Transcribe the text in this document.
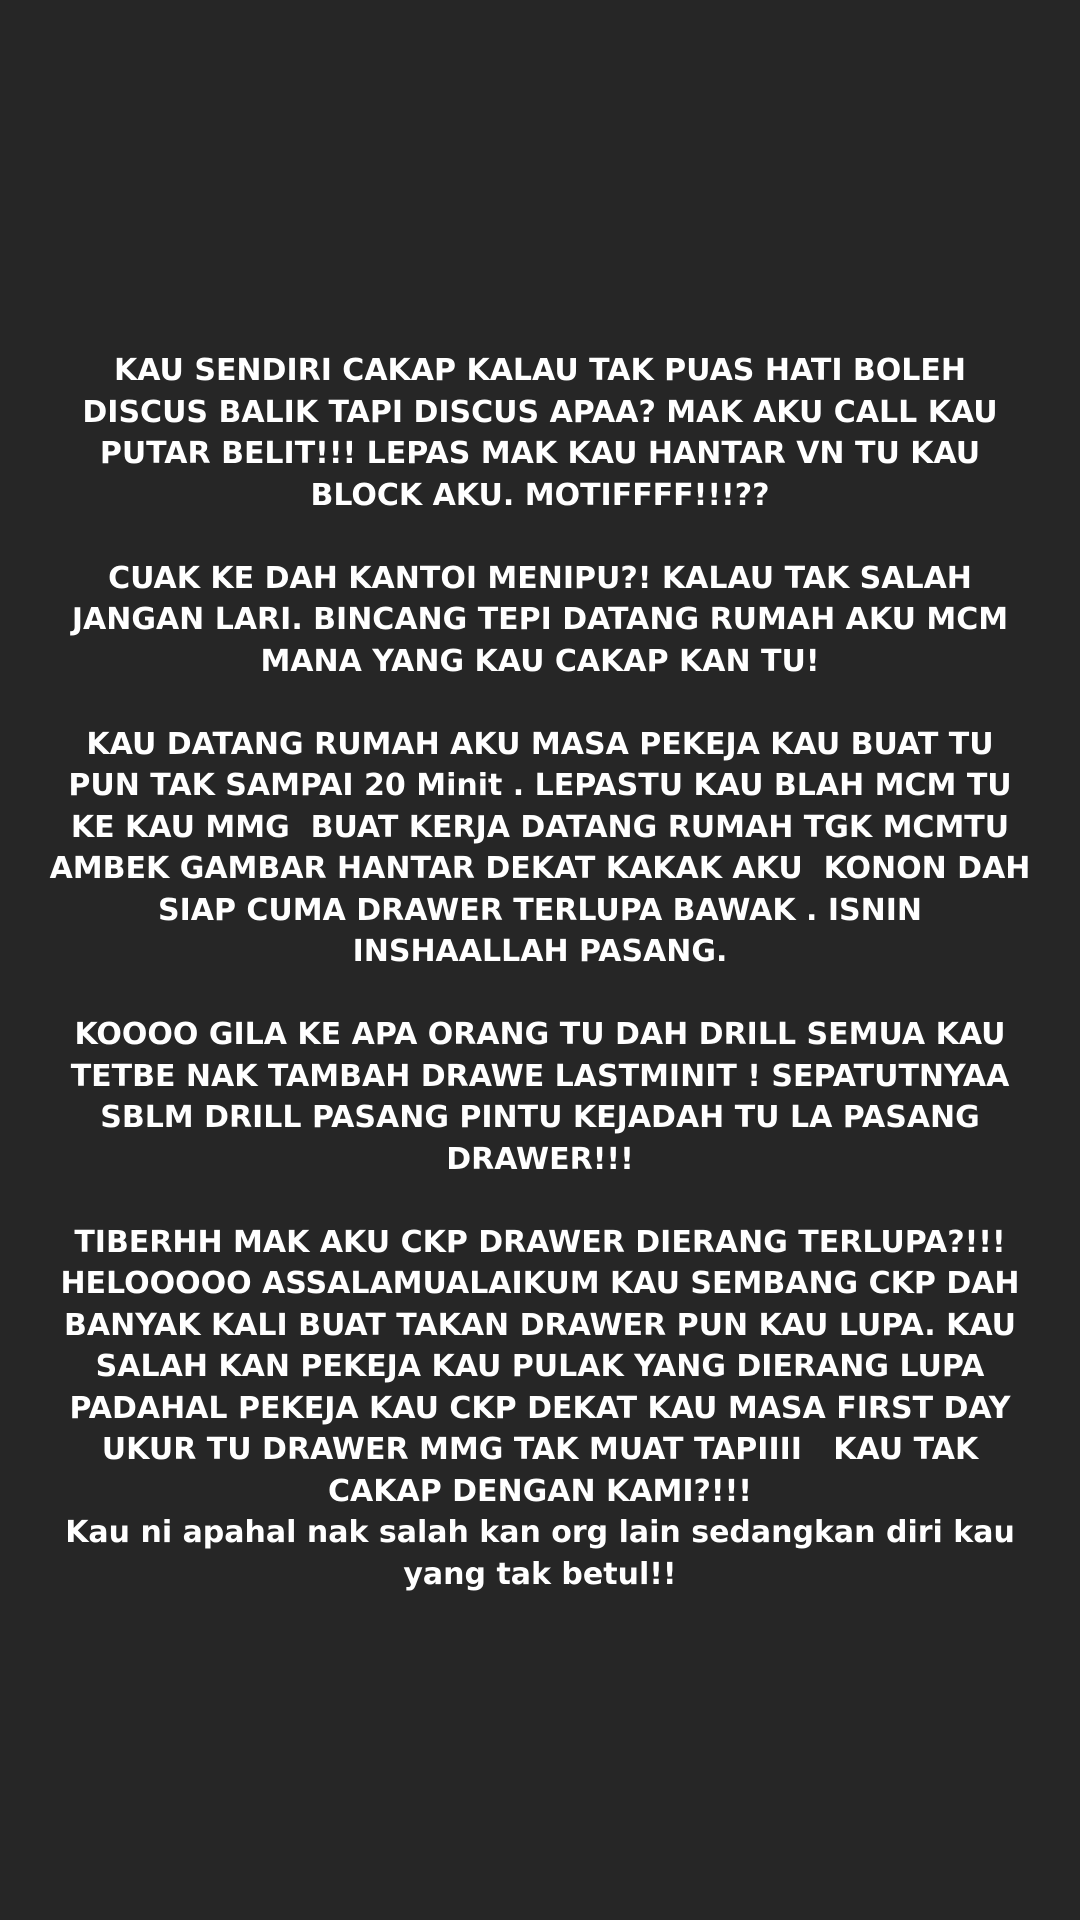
KAU SENDIRI CAKAP KALAU TAK PUAS HATI BOLEH
DISCUS BALIK TAPI DISCUS APAA? MAK AKU CALL KAU
PUTAR BELIT!!! LEPAS MAK KAU HANTAR VN TU KAU
BLOCK AKU. MOTIFFFF!!!??

CUAK KE DAH KANTOI MENIPU?! KALAU TAK SALAH
JANGAN LARI. BINCANG TEPI DATANG RUMAH AKU MCM
MANA YANG KAU CAKAP KAN TU!

KAU DATANG RUMAH AKU MASA PEKEJA KAU BUAT TU
PUN TAK SAMPAI 20 Minit . LEPASTU KAU BLAH MCM TU
KE KAU MMG  BUAT KERJA DATANG RUMAH TGK MCMTU
AMBEK GAMBAR HANTAR DEKAT KAKAK AKU  KONON DAH
SIAP CUMA DRAWER TERLUPA BAWAK . ISNIN
INSHAALLAH PASANG.

KOOOO GILA KE APA ORANG TU DAH DRILL SEMUA KAU
TETBE NAK TAMBAH DRAWE LASTMINIT ! SEPATUTNYAA
SBLM DRILL PASANG PINTU KEJADAH TU LA PASANG
DRAWER!!!

TIBERHH MAK AKU CKP DRAWER DIERANG TERLUPA?!!!
HELOOOOO ASSALAMUALAIKUM KAU SEMBANG CKP DAH
BANYAK KALI BUAT TAKAN DRAWER PUN KAU LUPA. KAU
SALAH KAN PEKEJA KAU PULAK YANG DIERANG LUPA
PADAHAL PEKEJA KAU CKP DEKAT KAU MASA FIRST DAY
UKUR TU DRAWER MMG TAK MUAT TAPIIII   KAU TAK
CAKAP DENGAN KAMI?!!!
Kau ni apahal nak salah kan org lain sedangkan diri kau
yang tak betul!!
